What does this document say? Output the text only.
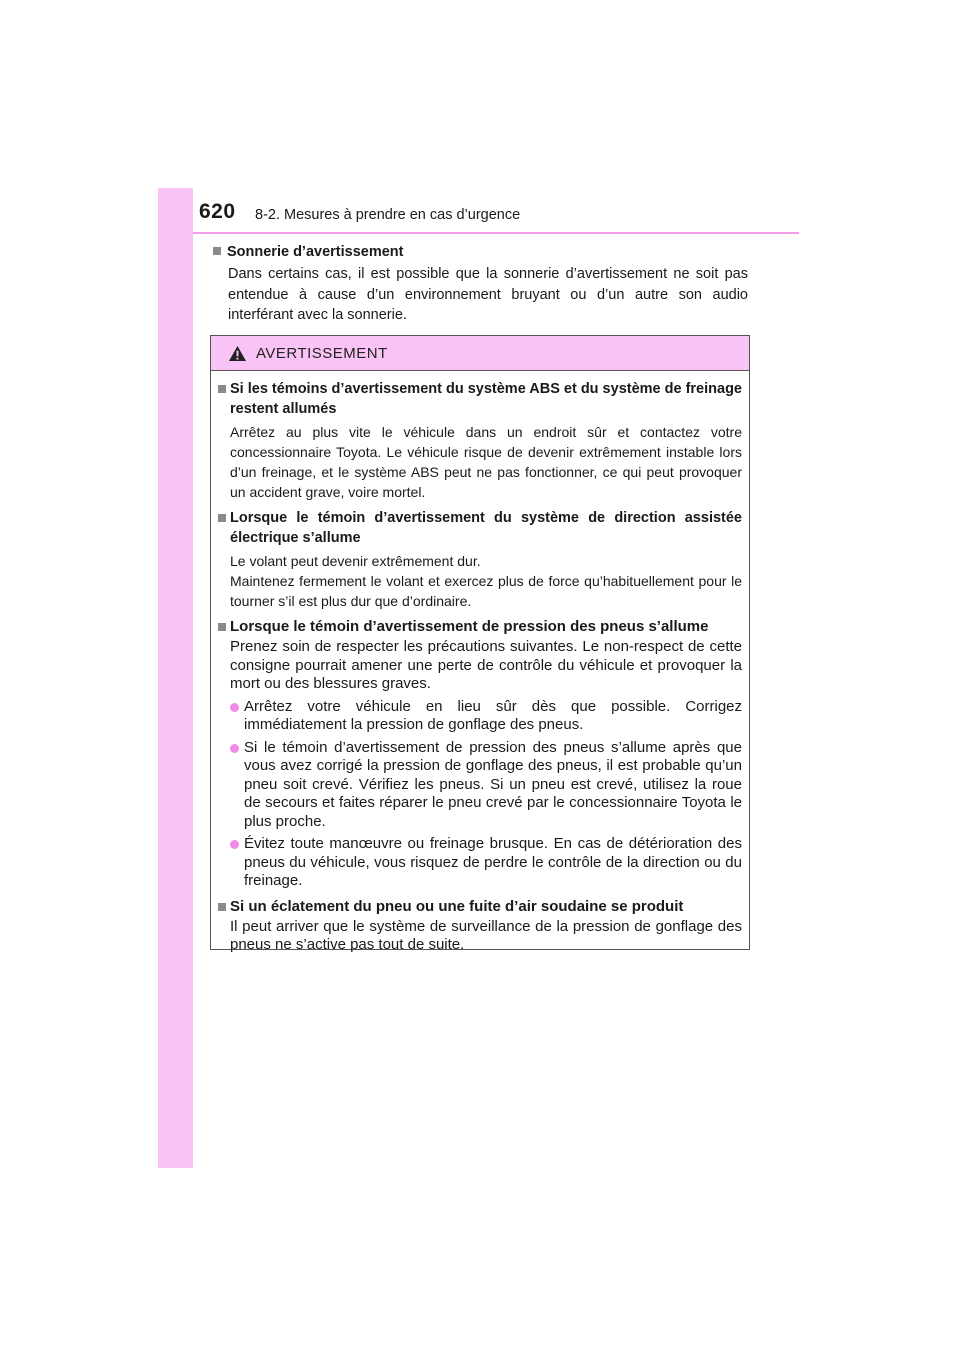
620 8-2. Mesures à prendre en cas d’urgence
Sonnerie d’avertissement
Dans certains cas, il est possible que la sonnerie d’avertissement ne soit pas entendue à cause d’un environnement bruyant ou d’un autre son audio interférant avec la sonnerie.
AVERTISSEMENT
Si les témoins d’avertissement du système ABS et du système de freinage restent allumés
Arrêtez au plus vite le véhicule dans un endroit sûr et contactez votre concessionnaire Toyota. Le véhicule risque de devenir extrêmement instable lors d’un freinage, et le système ABS peut ne pas fonctionner, ce qui peut provoquer un accident grave, voire mortel.
Lorsque le témoin d’avertissement du système de direction assistée électrique s’allume
Le volant peut devenir extrêmement dur.
Maintenez fermement le volant et exercez plus de force qu’habituellement pour le tourner s’il est plus dur que d’ordinaire.
Lorsque le témoin d’avertissement de pression des pneus s’allume
Prenez soin de respecter les précautions suivantes. Le non-respect de cette consigne pourrait amener une perte de contrôle du véhicule et provoquer la mort ou des blessures graves.
Arrêtez votre véhicule en lieu sûr dès que possible. Corrigez immédiatement la pression de gonflage des pneus.
Si le témoin d’avertissement de pression des pneus s’allume après que vous avez corrigé la pression de gonflage des pneus, il est probable qu’un pneu soit crevé. Vérifiez les pneus. Si un pneu est crevé, utilisez la roue de secours et faites réparer le pneu crevé par le concessionnaire Toyota le plus proche.
Évitez toute manœuvre ou freinage brusque. En cas de détérioration des pneus du véhicule, vous risquez de perdre le contrôle de la direction ou du freinage.
Si un éclatement du pneu ou une fuite d’air soudaine se produit
Il peut arriver que le système de surveillance de la pression de gonflage des pneus ne s’active pas tout de suite.
